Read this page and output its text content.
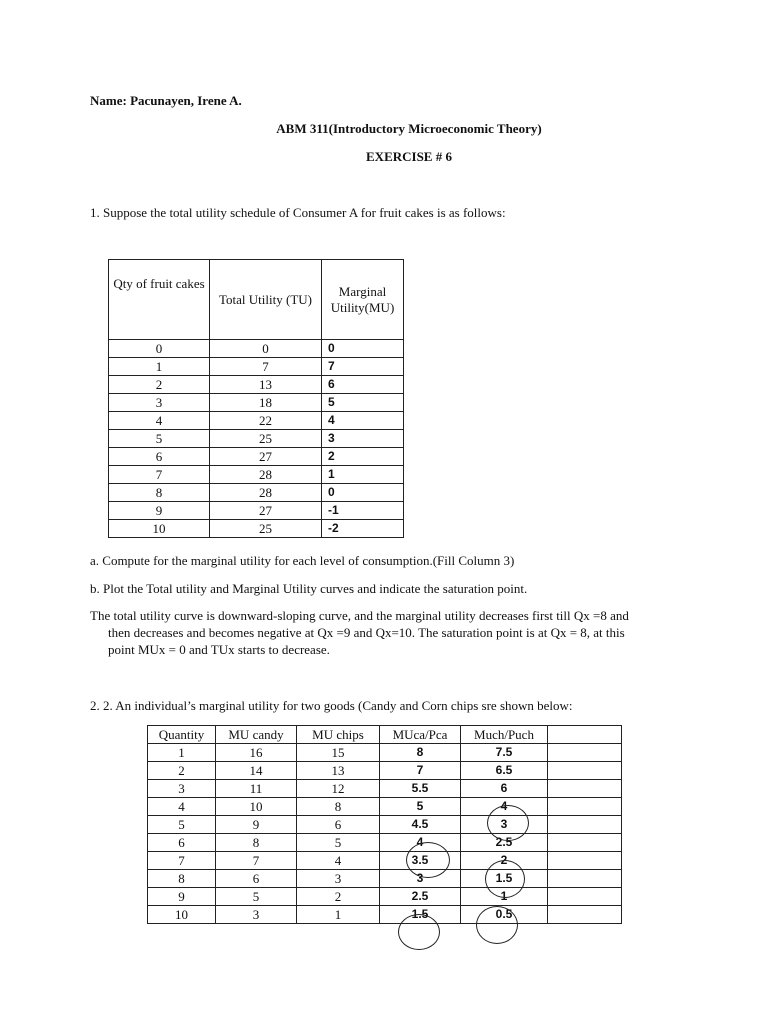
Name: Pacunayen, Irene A.
ABM 311(Introductory Microeconomic Theory)
EXERCISE # 6
1. Suppose the total utility schedule of Consumer A for fruit cakes is as follows:
Qty of fruit cakes	Total Utility (TU)	Marginal Utility(MU)
0	0	0
1	7	7
2	13	6
3	18	5
4	22	4
5	25	3
6	27	2
7	28	1
8	28	0
9	27	-1
10	25	-2
a. Compute for the marginal utility for each level of consumption.(Fill Column 3)
b. Plot the Total utility and Marginal Utility curves and indicate the saturation point.
The total utility curve is downward-sloping curve, and the marginal utility decreases first till Qx =8 and
then decreases and becomes negative at Qx =9 and Qx=10. The saturation point is at Qx = 8, at this
point MUx = 0 and TUx starts to decrease.
2. 2. An individual’s marginal utility for two goods (Candy and Corn chips sre shown below:
Quantity	MU candy	MU chips	MUca/Pca	Much/Puch	
1	16	15	8	7.5	
2	14	13	7	6.5	
3	11	12	5.5	6	
4	10	8	5	4	
5	9	6	4.5	3	
6	8	5	4	2.5	
7	7	4	3.5	2	
8	6	3	3	1.5	
9	5	2	2.5	1	
10	3	1	1.5	0.5	
